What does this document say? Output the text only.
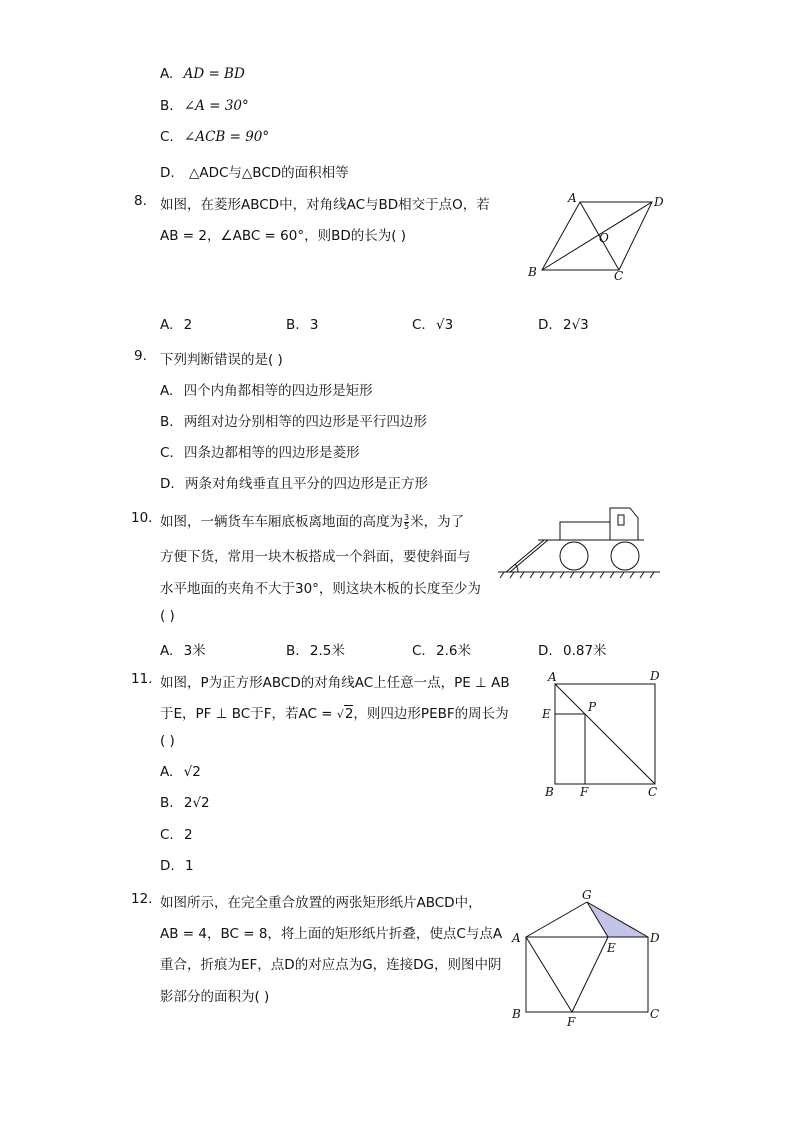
A. AD = BD
B. ∠A = 30°
C. ∠ACB = 90°
D. △ADC与△BCD的面积相等
8. 如图，在菱形ABCD中，对角线AC与BD相交于点O，若
AB = 2，∠ABC = 60°，则BD的长为( )
A	D
B	C
O
A. 2	B. 3	C. √3	D. 2√3
9. 下列判断错误的是( )
A. 四个内角都相等的四边形是矩形
B. 两组对边分别相等的四边形是平行四边形
C. 四条边都相等的四边形是菱形
D. 两条对角线垂直且平分的四边形是正方形
10. 如图，一辆货车车厢底板离地面的高度为 $\frac{3}{5}$ 米，为了
方便下货，常用一块木板搭成一个斜面，要使斜面与
水平地面的夹角不大于30°，则这块木板的长度至少为
( )
A. 3米	B. 2.5米	C. 2.6米	D. 0.87米
11. 如图，P为正方形ABCD的对角线AC上任意一点，PE ⊥ AB
于E，PF ⊥ BC于F，若AC = √2，则四边形PEBF的周长为
( )
A	D
E	P
B F	C
A. √2
B. 2√2
C. 2
D. 1
12. 如图所示，在完全重合放置的两张矩形纸片ABCD中，
AB = 4，BC = 8，将上面的矩形纸片折叠，使点C与点A
重合，折痕为EF，点D的对应点为G，连接DG，则图中阴
影部分的面积为( )
G
A	D
E
B
F
C
